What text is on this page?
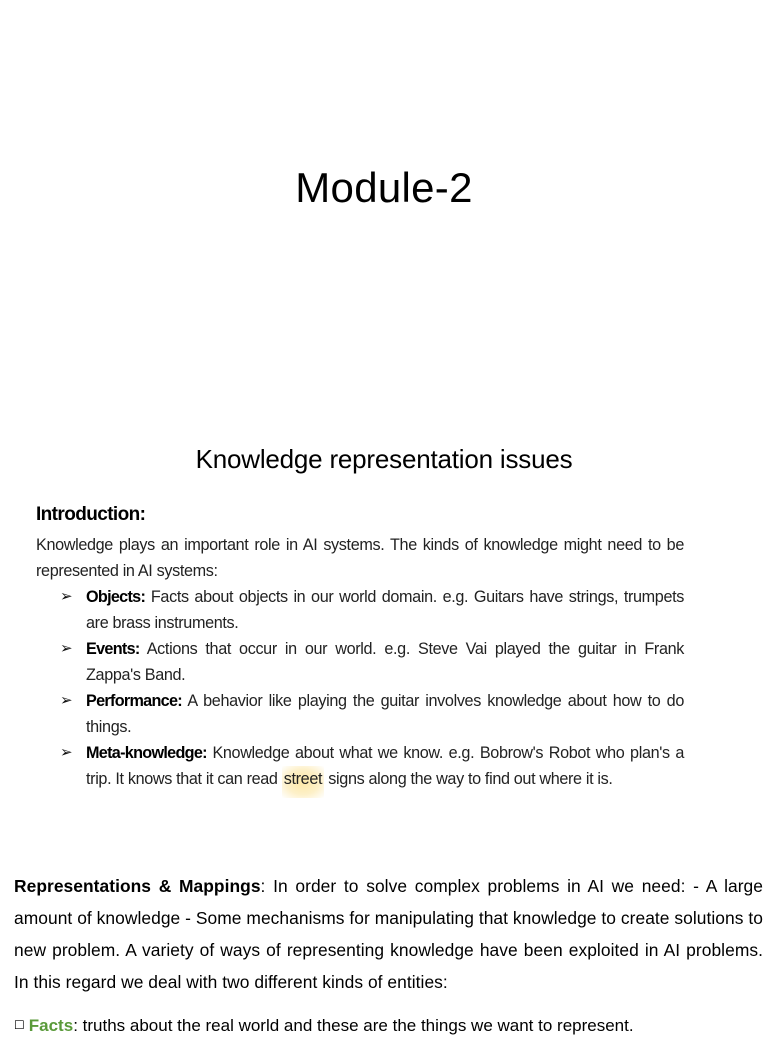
Module-2
Knowledge representation issues
Introduction:

Knowledge plays an important role in AI systems. The kinds of knowledge might need to be represented in AI systems:

➢ Objects: Facts about objects in our world domain. e.g. Guitars have strings, trumpets are brass instruments.
➢ Events: Actions that occur in our world. e.g. Steve Vai played the guitar in Frank Zappa's Band.
➢ Performance: A behavior like playing the guitar involves knowledge about how to do things.
➢ Meta-knowledge: Knowledge about what we know. e.g. Bobrow's Robot who plan's a trip. It knows that it can read street signs along the way to find out where it is.

Representations & Mappings: In order to solve complex problems in AI we need: - A large amount of knowledge - Some mechanisms for manipulating that knowledge to create solutions to new problem. A variety of ways of representing knowledge have been exploited in AI problems. In this regard we deal with two different kinds of entities:

☐ Facts: truths about the real world and these are the things we want to represent.
